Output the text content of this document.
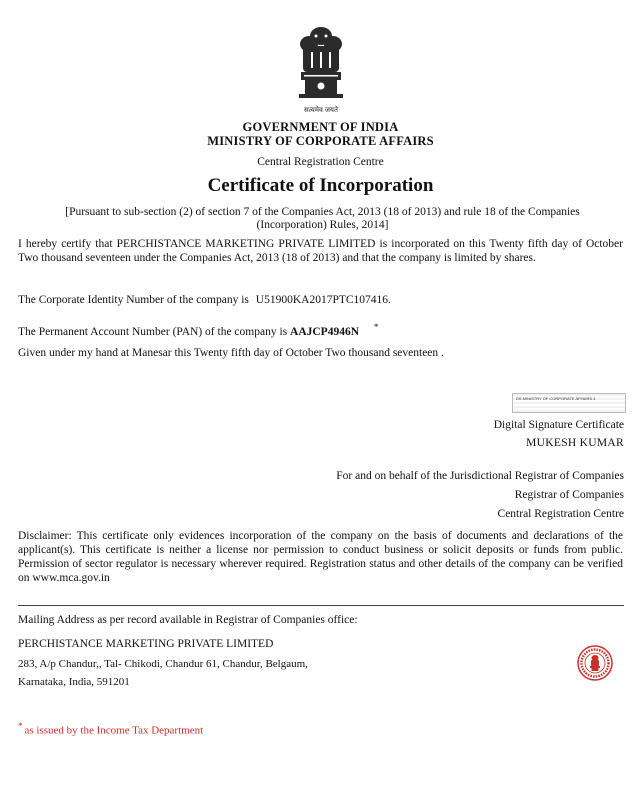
सत्यमेव जयते
GOVERNMENT OF INDIA
MINISTRY OF CORPORATE AFFAIRS
Central Registration Centre
Certificate of Incorporation
[Pursuant to sub-section (2) of section 7 of the Companies Act, 2013 (18 of 2013) and rule 18 of the Companies (Incorporation) Rules, 2014]
I hereby certify that PERCHISTANCE MARKETING PRIVATE LIMITED is incorporated on this Twenty fifth day of October Two thousand seventeen under the Companies Act, 2013 (18 of 2013) and that the company is limited by shares.
The Corporate Identity Number of the company is U51900KA2017PTC107416.
The Permanent Account Number (PAN) of the company is AAJCP4946N *
Given under my hand at Manesar this Twenty fifth day of October Two thousand seventeen .
DS MINISTRY OF CORPORATE AFFAIRS 4
Digital Signature Certificate
MUKESH KUMAR
For and on behalf of the Jurisdictional Registrar of Companies
Registrar of Companies
Central Registration Centre
Disclaimer: This certificate only evidences incorporation of the company on the basis of documents and declarations of the applicant(s). This certificate is neither a license nor permission to conduct business or solicit deposits or funds from public. Permission of sector regulator is necessary wherever required. Registration status and other details of the company can be verified on www.mca.gov.in
Mailing Address as per record available in Registrar of Companies office:
PERCHISTANCE MARKETING PRIVATE LIMITED
283, A/p Chandur,, Tal- Chikodi, Chandur 61, Chandur, Belgaum,
Karnataka, India, 591201
* as issued by the Income Tax Department
